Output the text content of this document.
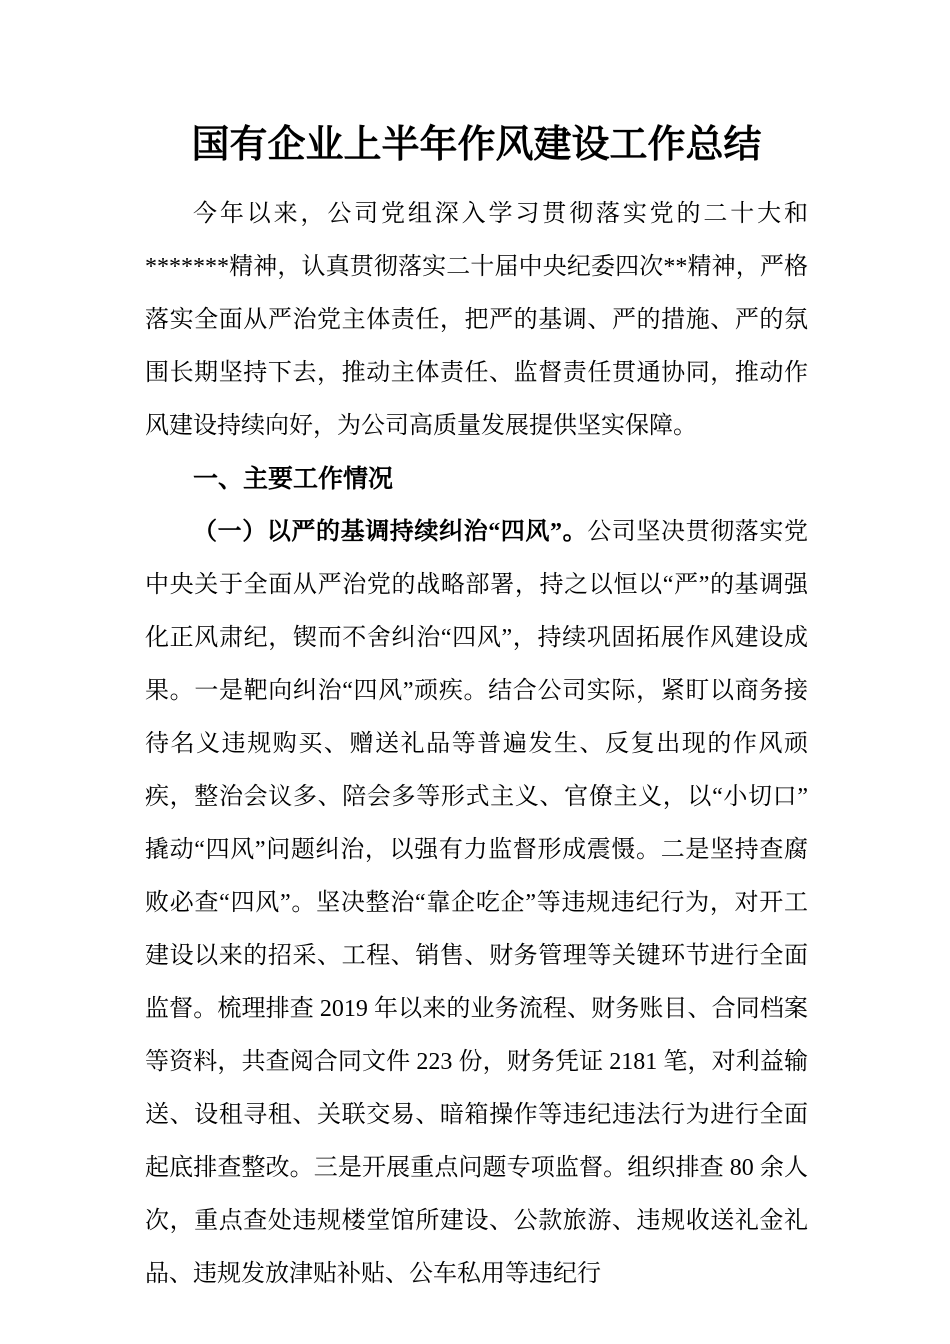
国有企业上半年作风建设工作总结

今年以来，公司党组深入学习贯彻落实党的二十大和 *******精神，认真贯彻落实二十届中央纪委四次**精神，严格落实全面从严治党主体责任，把严的基调、严的措施、严的氛围长期坚持下去，推动主体责任、监督责任贯通协同，推动作风建设持续向好，为公司高质量发展提供坚实保障。

一、主要工作情况

（一）以严的基调持续纠治“四风”。公司坚决贯彻落实党中央关于全面从严治党的战略部署，持之以恒以“严”的基调强化正风肃纪，锲而不舍纠治“四风”，持续巩固拓展作风建设成果。一是靶向纠治“四风”顽疾。结合公司实际，紧盯以商务接待名义违规购买、赠送礼品等普遍发生、反复出现的作风顽疾，整治会议多、陪会多等形式主义、官僚主义，以“小切口”撬动“四风”问题纠治，以强有力监督形成震慑。二是坚持查腐败必查“四风”。坚决整治“靠企吃企”等违规违纪行为，对开工建设以来的招采、工程、销售、财务管理等关键环节进行全面监督。梳理排查 2019 年以来的业务流程、财务账目、合同档案等资料，共查阅合同文件 223 份，财务凭证 2181 笔，对利益输送、设租寻租、关联交易、暗箱操作等违纪违法行为进行全面起底排查整改。三是开展重点问题专项监督。组织排查 80 余人次，重点查处违规楼堂馆所建设、公款旅游、违规收送礼金礼品、违规发放津贴补贴、公车私用等违纪行
